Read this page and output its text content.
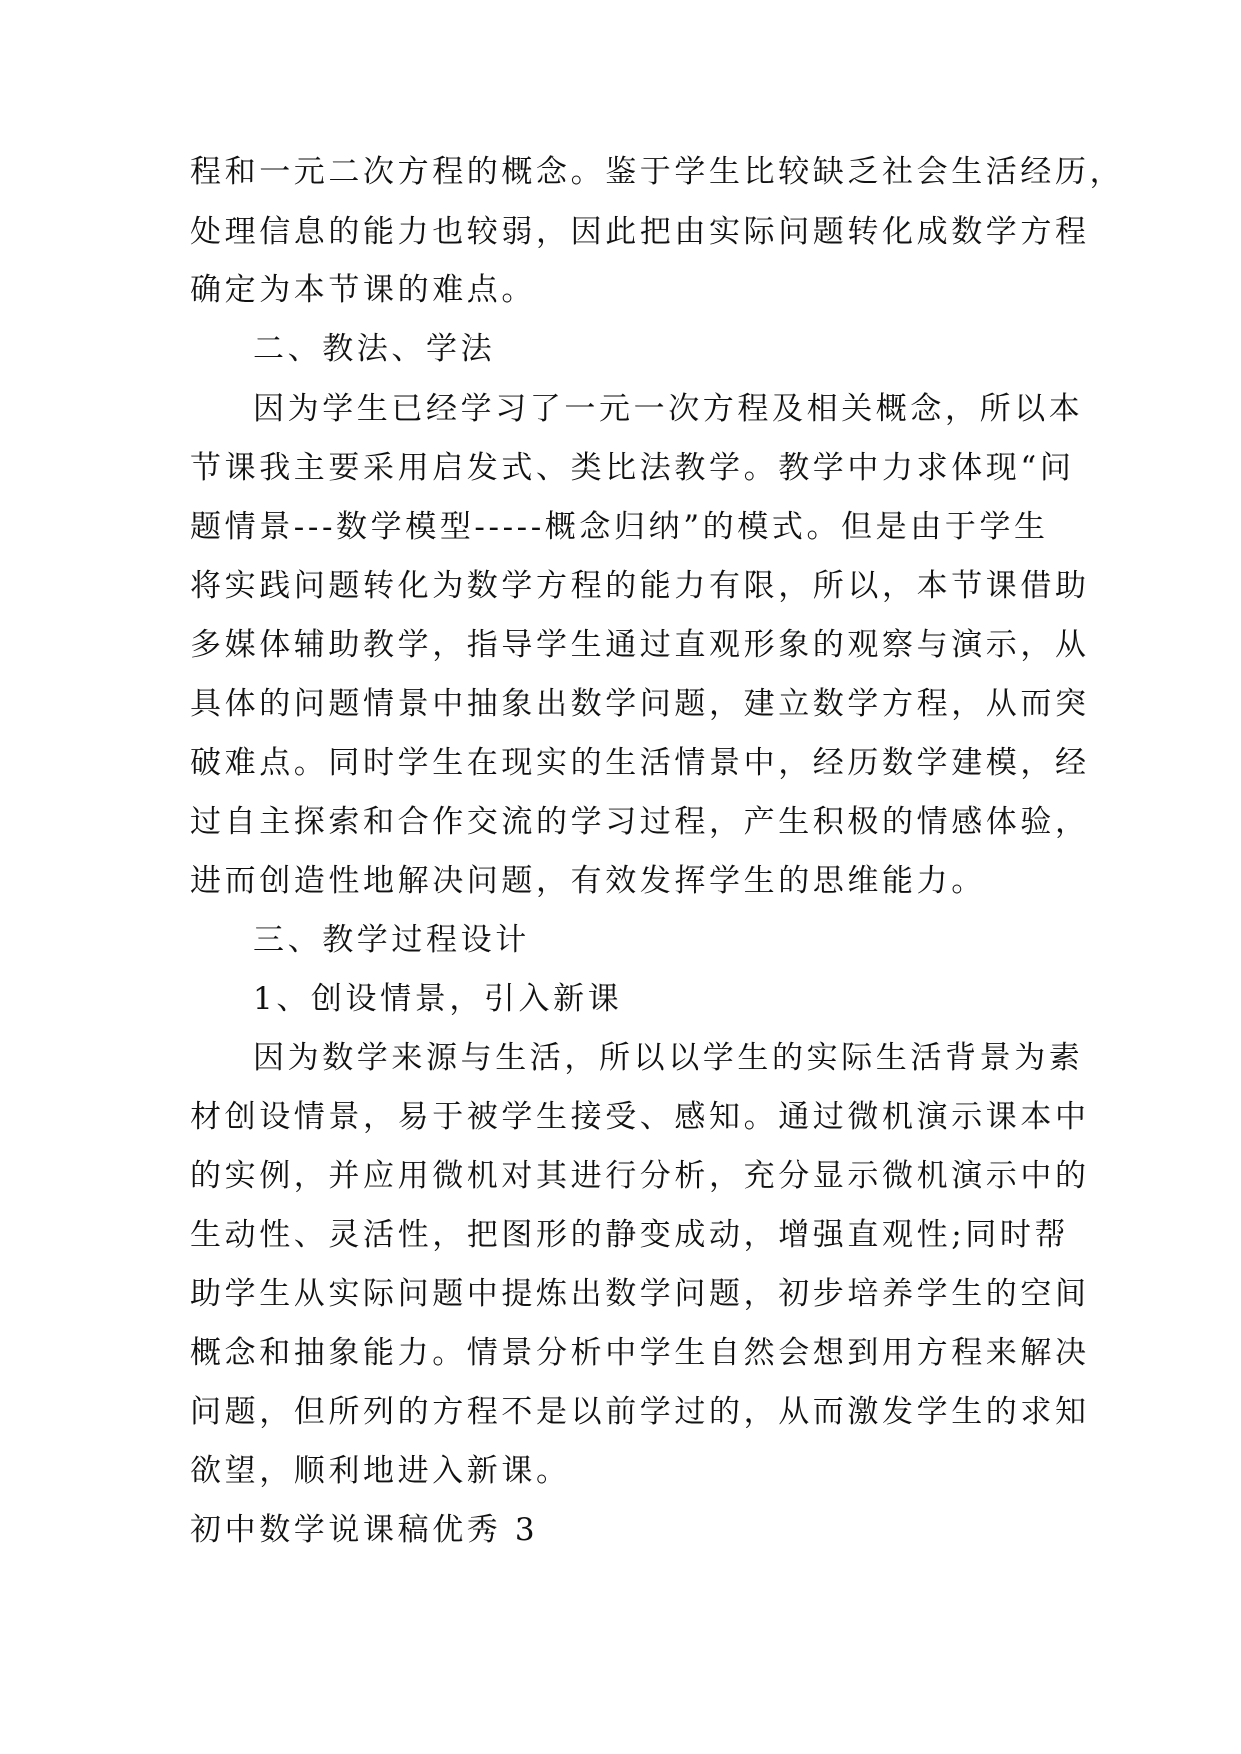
程和一元二次方程的概念。鉴于学生比较缺乏社会生活经历，
处理信息的能力也较弱，因此把由实际问题转化成数学方程
确定为本节课的难点。
二、教法、学法
因为学生已经学习了一元一次方程及相关概念，所以本
节课我主要采用启发式、类比法教学。教学中力求体现“问
题情景---数学模型-----概念归纳”的模式。但是由于学生
将实践问题转化为数学方程的能力有限，所以，本节课借助
多媒体辅助教学，指导学生通过直观形象的观察与演示，从
具体的问题情景中抽象出数学问题，建立数学方程，从而突
破难点。同时学生在现实的生活情景中，经历数学建模，经
过自主探索和合作交流的学习过程，产生积极的情感体验，
进而创造性地解决问题，有效发挥学生的思维能力。
三、教学过程设计
1、创设情景，引入新课
因为数学来源与生活，所以以学生的实际生活背景为素
材创设情景，易于被学生接受、感知。通过微机演示课本中
的实例，并应用微机对其进行分析，充分显示微机演示中的
生动性、灵活性，把图形的静变成动，增强直观性;同时帮
助学生从实际问题中提炼出数学问题，初步培养学生的空间
概念和抽象能力。情景分析中学生自然会想到用方程来解决
问题，但所列的方程不是以前学过的，从而激发学生的求知
欲望，顺利地进入新课。
初中数学说课稿优秀 3
